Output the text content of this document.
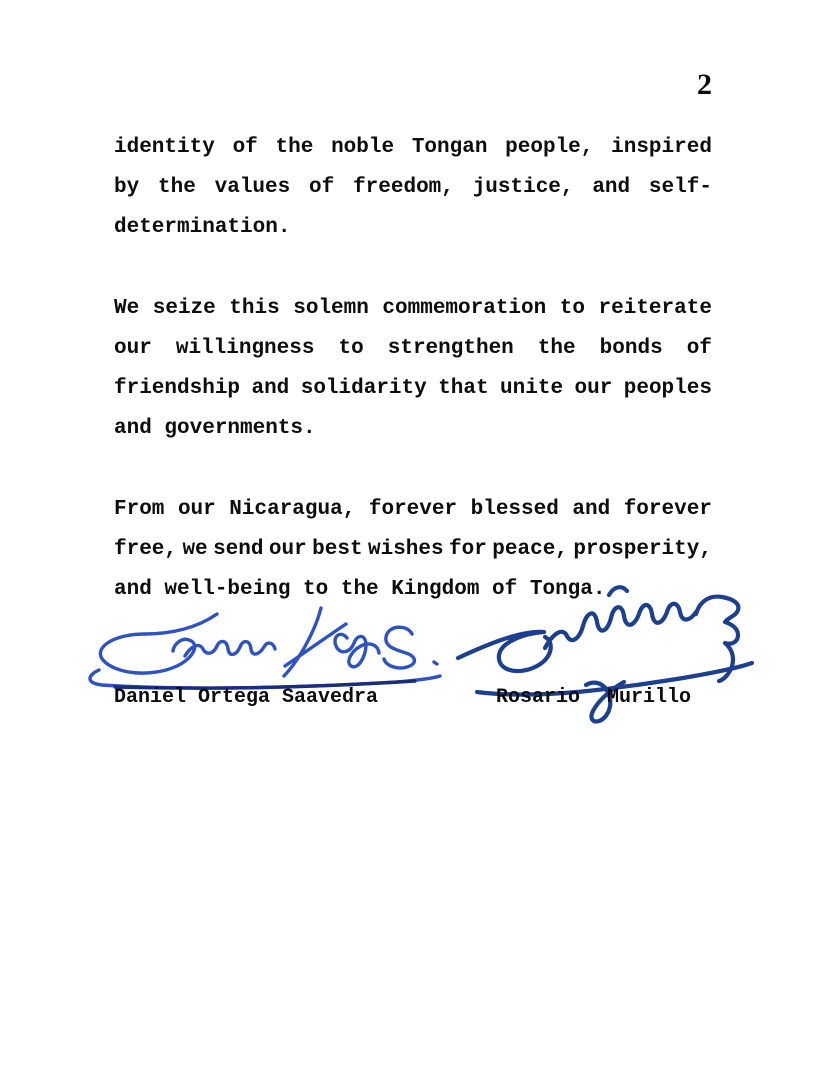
2
identity of the noble Tongan people, inspired
by the values of freedom, justice, and self-
determination.
We seize this solemn commemoration to reiterate
our willingness to strengthen the bonds of
friendship and solidarity that unite our peoples
and governments.
From our Nicaragua, forever blessed and forever
free, we send our best wishes for peace, prosperity,
and well-being to the Kingdom of Tonga.
Daniel Ortega Saavedra	Rosario Murillo
